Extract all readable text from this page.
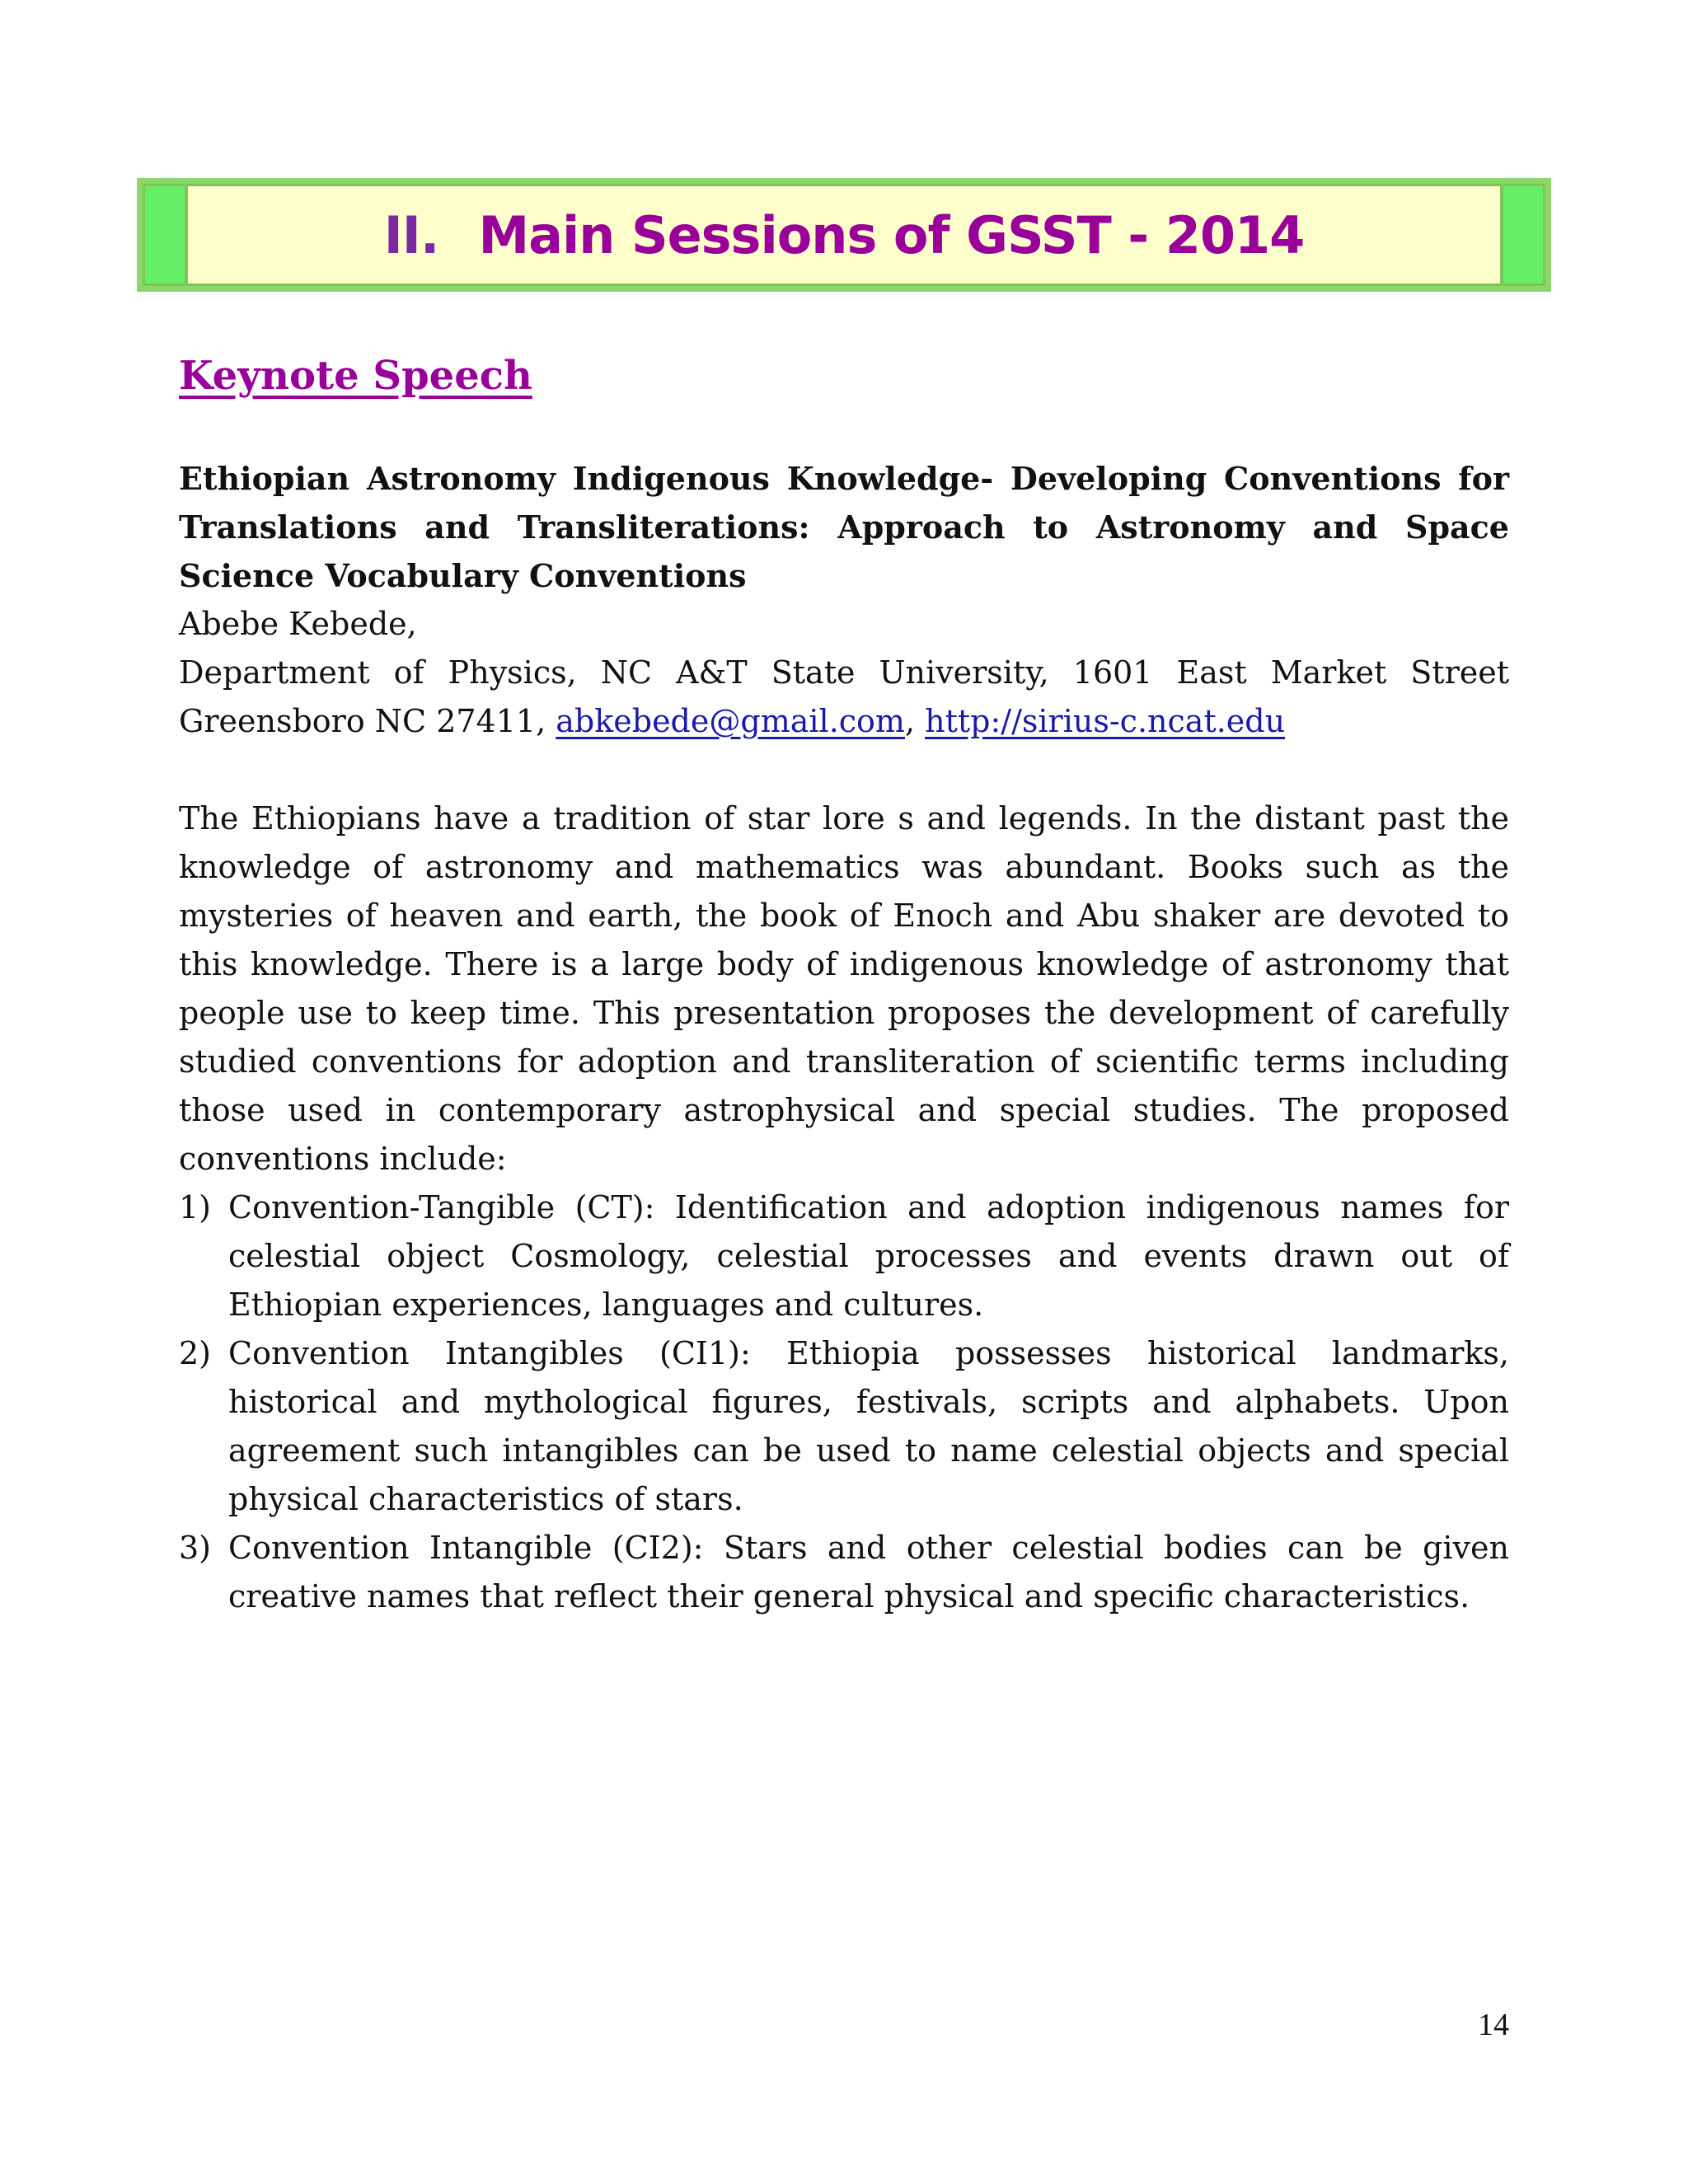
II. Main Sessions of GSST - 2014
Keynote Speech

Ethiopian Astronomy Indigenous Knowledge- Developing Conventions for Translations and Transliterations: Approach to Astronomy and Space Science Vocabulary Conventions

Abebe Kebede,
Department of Physics, NC A&T State University, 1601 East Market Street
Greensboro NC 27411, abkebede@gmail.com, http://sirius-c.ncat.edu

The Ethiopians have a tradition of star lore s and legends. In the distant past the knowledge of astronomy and mathematics was abundant. Books such as the mysteries of heaven and earth, the book of Enoch and Abu shaker are devoted to this knowledge. There is a large body of indigenous knowledge of astronomy that people use to keep time. This presentation proposes the development of carefully studied conventions for adoption and transliteration of scientific terms including those used in contemporary astrophysical and special studies. The proposed conventions include:

1) Convention-Tangible (CT): Identification and adoption indigenous names for celestial object Cosmology, celestial processes and events drawn out of Ethiopian experiences, languages and cultures.
2) Convention Intangibles (CI1): Ethiopia possesses historical landmarks, historical and mythological figures, festivals, scripts and alphabets. Upon agreement such intangibles can be used to name celestial objects and special physical characteristics of stars.
3) Convention Intangible (CI2): Stars and other celestial bodies can be given creative names that reflect their general physical and specific characteristics.
14
